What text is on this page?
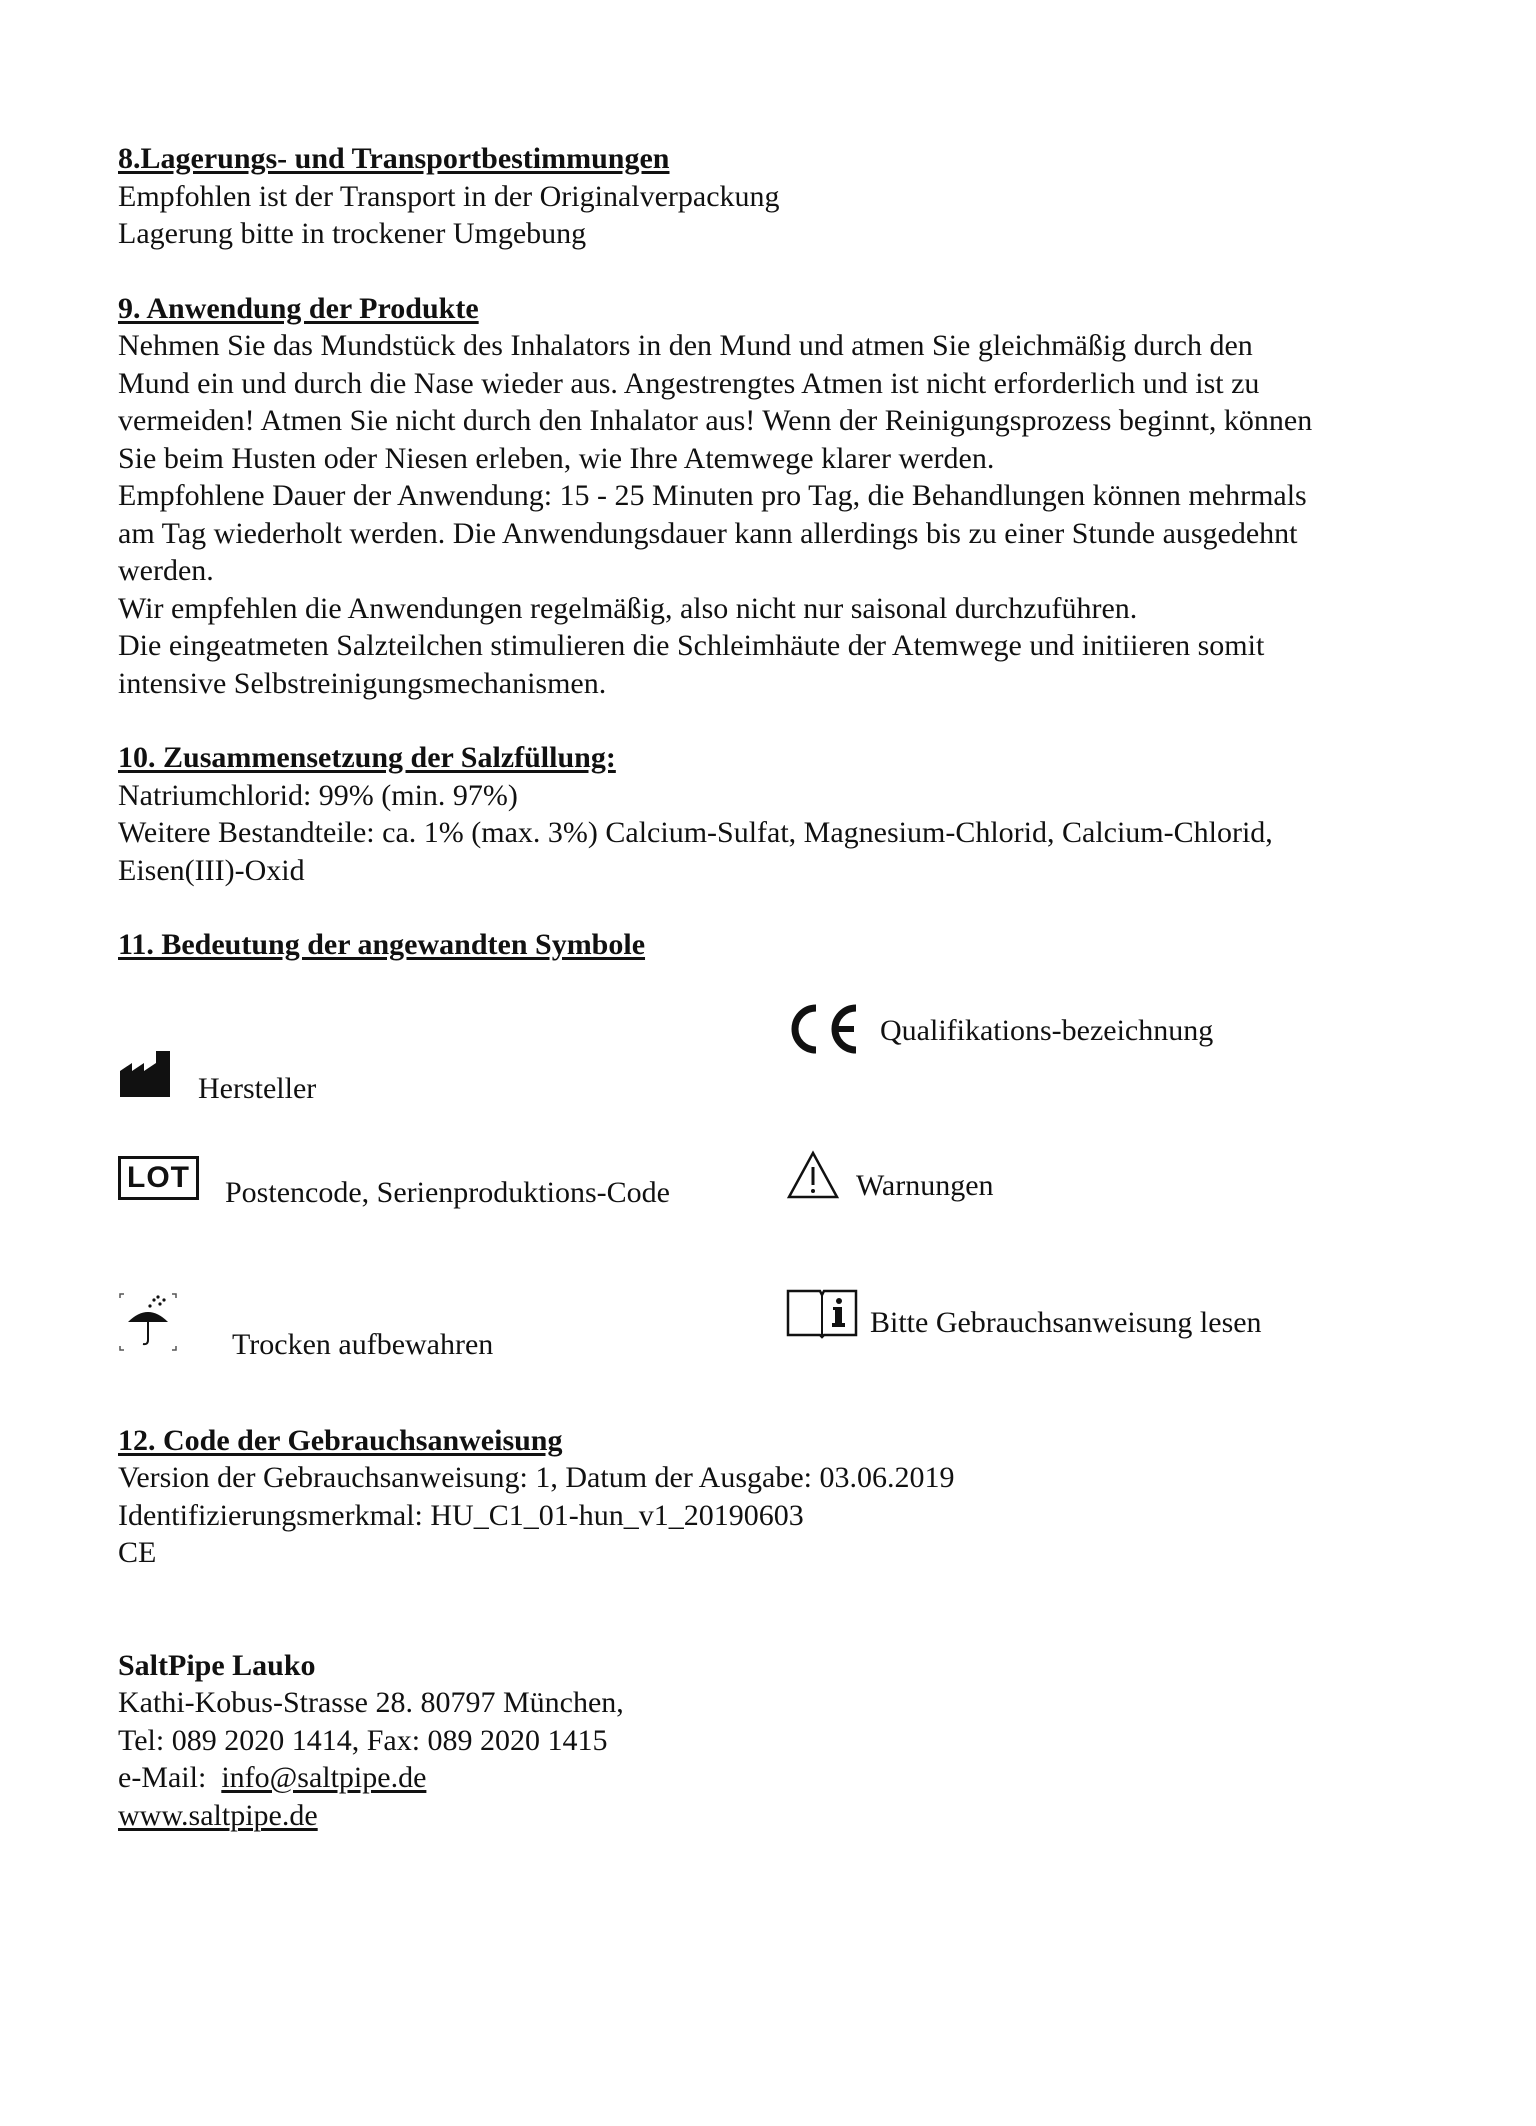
8.Lagerungs- und Transportbestimmungen
Empfohlen ist der Transport in der Originalverpackung
Lagerung bitte in trockener Umgebung
9. Anwendung der Produkte
Nehmen Sie das Mundstück des Inhalators in den Mund und atmen Sie gleichmäßig durch den
Mund ein und durch die Nase wieder aus. Angestrengtes Atmen ist nicht erforderlich und ist zu
vermeiden! Atmen Sie nicht durch den Inhalator aus! Wenn der Reinigungsprozess beginnt, können
Sie beim Husten oder Niesen erleben, wie Ihre Atemwege klarer werden.
Empfohlene Dauer der Anwendung: 15 - 25 Minuten pro Tag, die Behandlungen können mehrmals
am Tag wiederholt werden. Die Anwendungsdauer kann allerdings bis zu einer Stunde ausgedehnt
werden.
Wir empfehlen die Anwendungen regelmäßig, also nicht nur saisonal durchzuführen.
Die eingeatmeten Salzteilchen stimulieren die Schleimhäute der Atemwege und initiieren somit
intensive Selbstreinigungsmechanismen.
10. Zusammensetzung der Salzfüllung:
Natriumchlorid: 99% (min. 97%)
Weitere Bestandteile: ca. 1% (max. 3%) Calcium-Sulfat, Magnesium-Chlorid, Calcium-Chlorid,
Eisen(III)-Oxid
11. Bedeutung der angewandten Symbole
Hersteller
Qualifikations-bezeichnung
LOT	Postencode, Serienproduktions-Code	Warnungen
Trocken aufbewahren
Bitte Gebrauchsanweisung lesen
12. Code der Gebrauchsanweisung
Version der Gebrauchsanweisung: 1, Datum der Ausgabe: 03.06.2019
Identifizierungsmerkmal: HU_C1_01-hun_v1_20190603
CE
SaltPipe Lauko
Kathi-Kobus-Strasse 28. 80797 München,
Tel: 089 2020 1414, Fax: 089 2020 1415
e-Mail:  info@saltpipe.de
www.saltpipe.de
